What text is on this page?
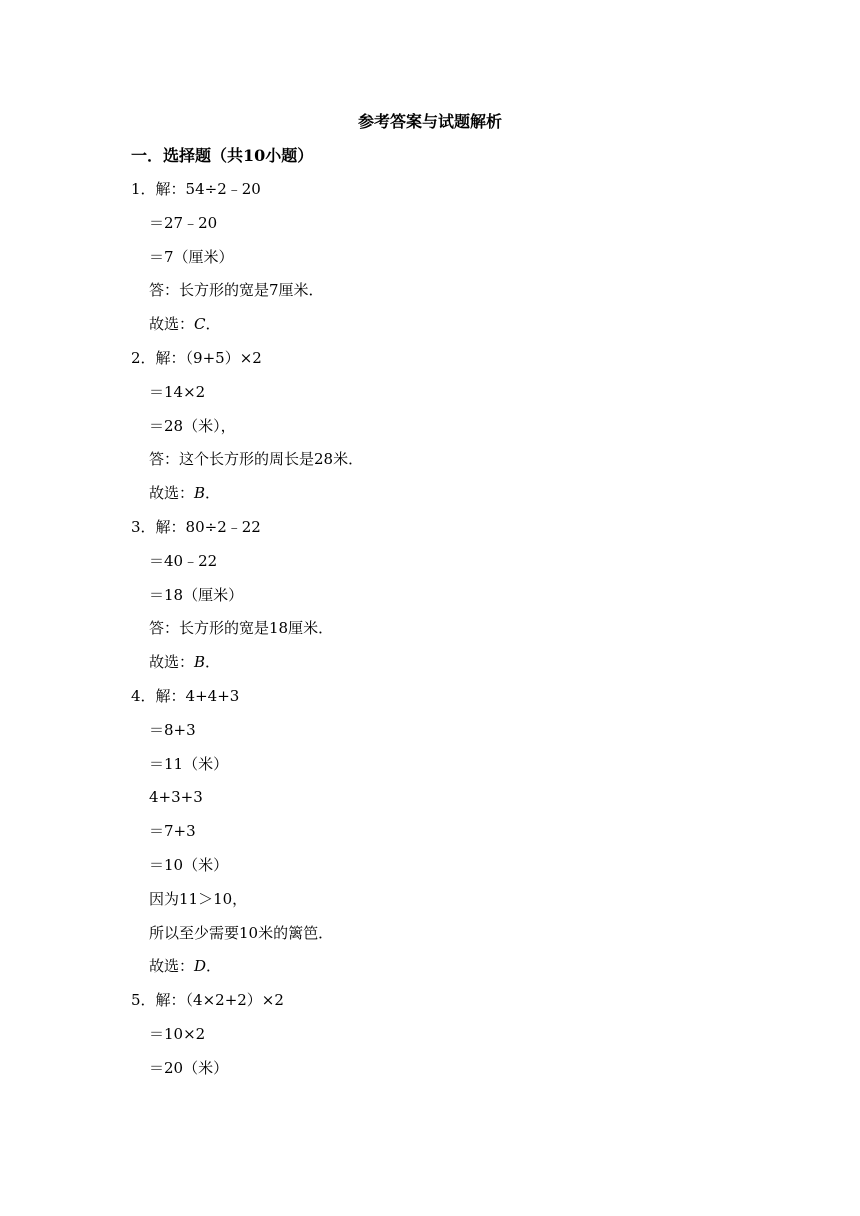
参考答案与试题解析
一．选择题（共10小题）
1．解：54÷2﹣20
＝27﹣20
＝7（厘米）
答：长方形的宽是7厘米．
故选：C．
2．解：（9+5）×2
＝14×2
＝28（米），
答：这个长方形的周长是28米．
故选：B．
3．解：80÷2﹣22
＝40﹣22
＝18（厘米）
答：长方形的宽是18厘米．
故选：B．
4．解：4+4+3
＝8+3
＝11（米）
4+3+3
＝7+3
＝10（米）
因为11＞10，
所以至少需要10米的篱笆．
故选：D．
5．解：（4×2+2）×2
＝10×2
＝20（米）
